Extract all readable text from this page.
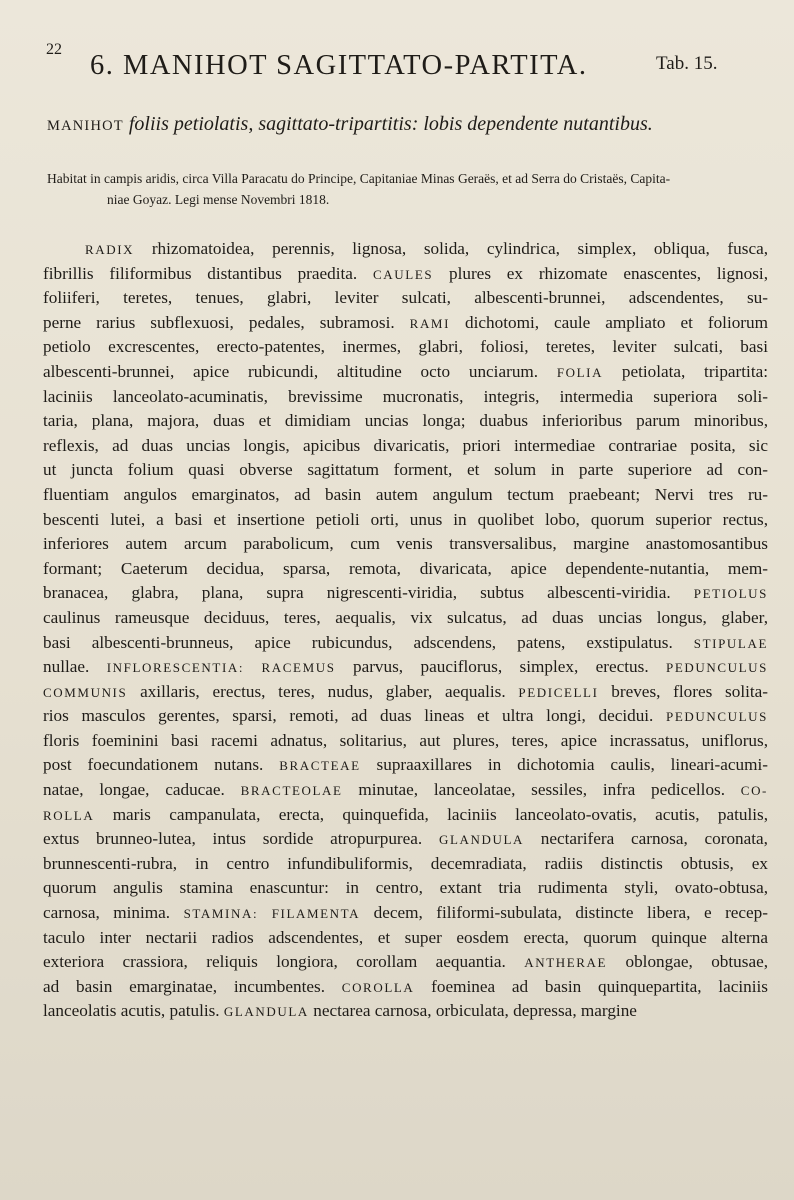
22
6. MANIHOT SAGITTATO-PARTITA.	Tab. 15.
MANIHOT foliis petiolatis, sagittato-tripartitis: lobis dependente nutantibus.
Habitat in campis aridis, circa Villa Paracatu do Principe, Capitaniae Minas Geraës, et ad Serra do Cristaës, Capita-
niae Goyaz. Legi mense Novembri 1818.
RADIX rhizomatoidea, perennis, lignosa, solida, cylindrica, simplex, obliqua, fusca,
fibrillis filiformibus distantibus praedita. CAULES plures ex rhizomate enascentes, lignosi,
foliiferi, teretes, tenues, glabri, leviter sulcati, albescenti-brunnei, adscendentes, su-
perne rarius subflexuosi, pedales, subramosi. RAMI dichotomi, caule ampliato et foliorum
petiolo excrescentes, erecto-patentes, inermes, glabri, foliosi, teretes, leviter sulcati, basi
albescenti-brunnei, apice rubicundi, altitudine octo unciarum. FOLIA petiolata, tripartita:
laciniis lanceolato-acuminatis, brevissime mucronatis, integris, intermedia superiora soli-
taria, plana, majora, duas et dimidiam uncias longa; duabus inferioribus parum minoribus,
reflexis, ad duas uncias longis, apicibus divaricatis, priori intermediae contrariae posita, sic
ut juncta folium quasi obverse sagittatum forment, et solum in parte superiore ad con-
fluentiam angulos emarginatos, ad basin autem angulum tectum praebeant; Nervi tres ru-
bescenti lutei, a basi et insertione petioli orti, unus in quolibet lobo, quorum superior rectus,
inferiores autem arcum parabolicum, cum venis transversalibus, margine anastomosantibus
formant; Caeterum decidua, sparsa, remota, divaricata, apice dependente-nutantia, mem-
branacea, glabra, plana, supra nigrescenti-viridia, subtus albescenti-viridia. PETIOLUS
caulinus rameusque deciduus, teres, aequalis, vix sulcatus, ad duas uncias longus, glaber,
basi albescenti-brunneus, apice rubicundus, adscendens, patens, exstipulatus. STIPULAE
nullae. INFLORESCENTIA: RACEMUS parvus, pauciflorus, simplex, erectus. PEDUNCULUS
COMMUNIS axillaris, erectus, teres, nudus, glaber, aequalis. PEDICELLI breves, flores solita-
rios masculos gerentes, sparsi, remoti, ad duas lineas et ultra longi, decidui. PEDUNCULUS
floris foeminini basi racemi adnatus, solitarius, aut plures, teres, apice incrassatus, uniflorus,
post foecundationem nutans. BRACTEAE supraaxillares in dichotomia caulis, lineari-acumi-
natae, longae, caducae. BRACTEOLAE minutae, lanceolatae, sessiles, infra pedicellos. CO-
ROLLA maris campanulata, erecta, quinquefida, laciniis lanceolato-ovatis, acutis, patulis,
extus brunneo-lutea, intus sordide atropurpurea. GLANDULA nectarifera carnosa, coronata,
brunnescenti-rubra, in centro infundibuliformis, decemradiata, radiis distinctis obtusis, ex
quorum angulis stamina enascuntur: in centro, extant tria rudimenta styli, ovato-obtusa,
carnosa, minima. STAMINA: FILAMENTA decem, filiformi-subulata, distincte libera, e recep-
taculo inter nectarii radios adscendentes, et super eosdem erecta, quorum quinque alterna
exteriora crassiora, reliquis longiora, corollam aequantia. ANTHERAE oblongae, obtusae,
ad basin emarginatae, incumbentes. COROLLA foeminea ad basin quinquepartita, laciniis
lanceolatis acutis, patulis. GLANDULA nectarea carnosa, orbiculata, depressa, margine
